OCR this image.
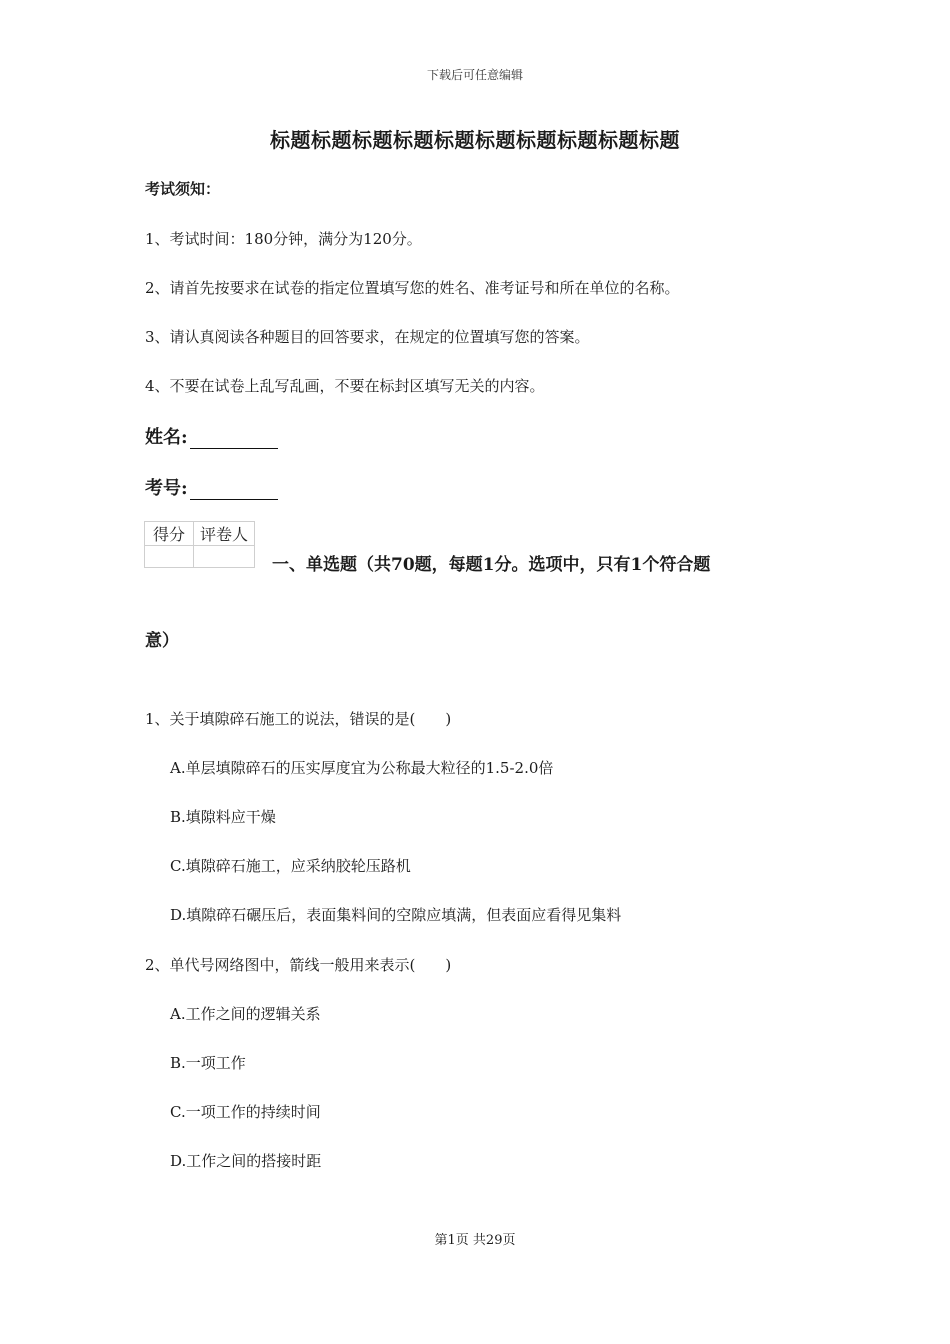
下载后可任意编辑
标题标题标题标题标题标题标题标题标题标题
考试须知：
1、考试时间：180分钟，满分为120分。
2、请首先按要求在试卷的指定位置填写您的姓名、准考证号和所在单位的名称。
3、请认真阅读各种题目的回答要求，在规定的位置填写您的答案。
4、不要在试卷上乱写乱画，不要在标封区填写无关的内容。
姓名:
考号:
得分	评卷人

一、单选题（共70题，每题1分。选项中，只有1个符合题
意）
1、关于填隙碎石施工的说法，错误的是(　　)
A.单层填隙碎石的压实厚度宜为公称最大粒径的1.5-2.0倍
B.填隙料应干燥
C.填隙碎石施工，应采纳胶轮压路机
D.填隙碎石碾压后，表面集料间的空隙应填满，但表面应看得见集料
2、单代号网络图中，箭线一般用来表示(　　)
A.工作之间的逻辑关系
B.一项工作
C.一项工作的持续时间
D.工作之间的搭接时距
第1页 共29页
